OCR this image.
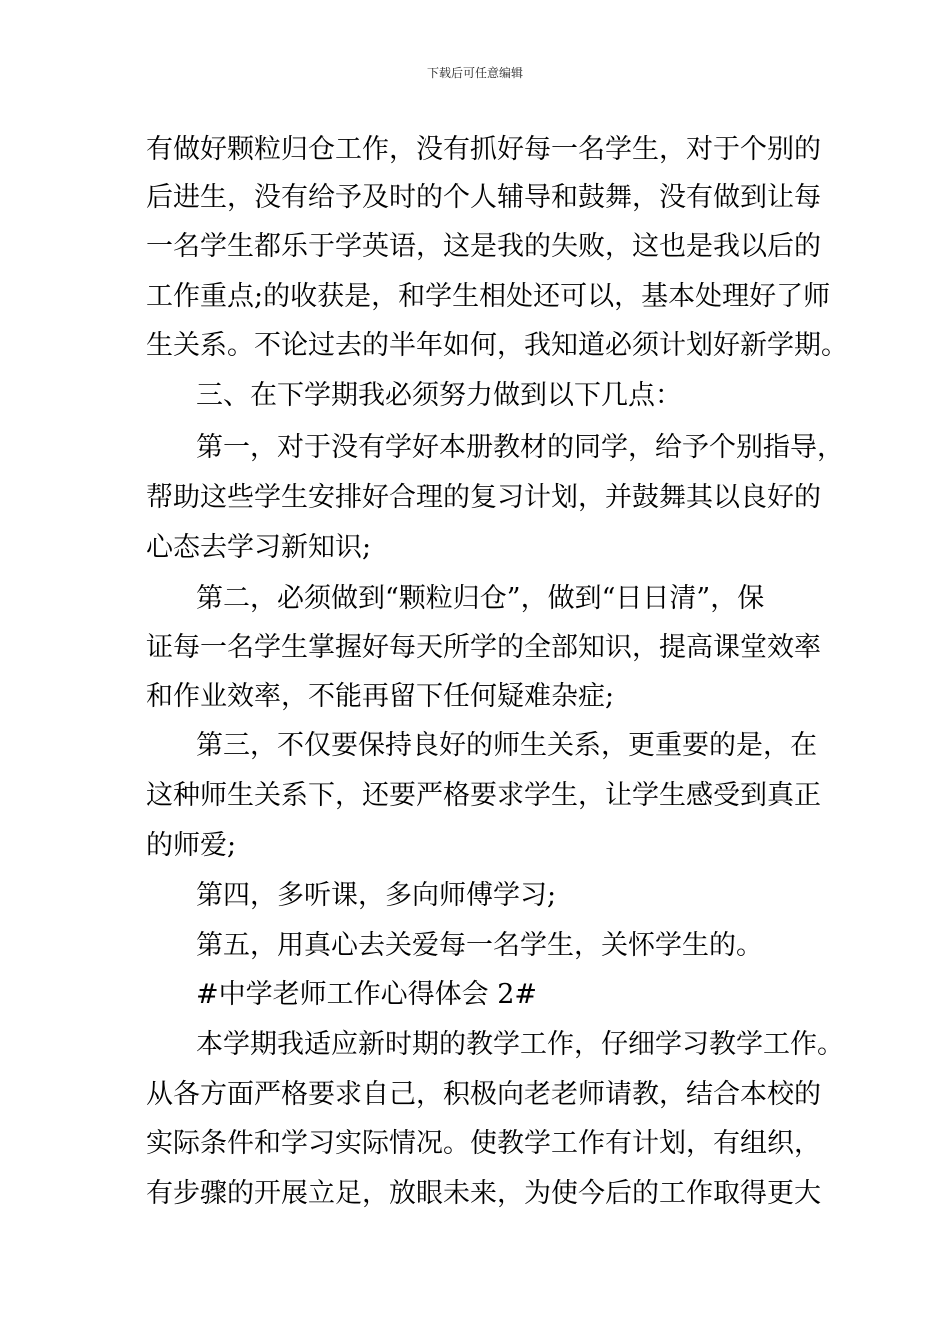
下载后可任意编辑
有做好颗粒归仓工作，没有抓好每一名学生，对于个别的
后进生，没有给予及时的个人辅导和鼓舞，没有做到让每
一名学生都乐于学英语，这是我的失败，这也是我以后的
工作重点;的收获是，和学生相处还可以，基本处理好了师
生关系。不论过去的半年如何，我知道必须计划好新学期。
三、在下学期我必须努力做到以下几点：
第一，对于没有学好本册教材的同学，给予个别指导，
帮助这些学生安排好合理的复习计划，并鼓舞其以良好的
心态去学习新知识;
第二，必须做到“颗粒归仓”，做到“日日清”，保
证每一名学生掌握好每天所学的全部知识，提高课堂效率
和作业效率，不能再留下任何疑难杂症;
第三，不仅要保持良好的师生关系，更重要的是，在
这种师生关系下，还要严格要求学生，让学生感受到真正
的师爱;
第四，多听课，多向师傅学习;
第五，用真心去关爱每一名学生，关怀学生的。
#中学老师工作心得体会 2#
本学期我适应新时期的教学工作，仔细学习教学工作。
从各方面严格要求自己，积极向老老师请教，结合本校的
实际条件和学习实际情况。使教学工作有计划，有组织，
有步骤的开展立足，放眼未来，为使今后的工作取得更大
